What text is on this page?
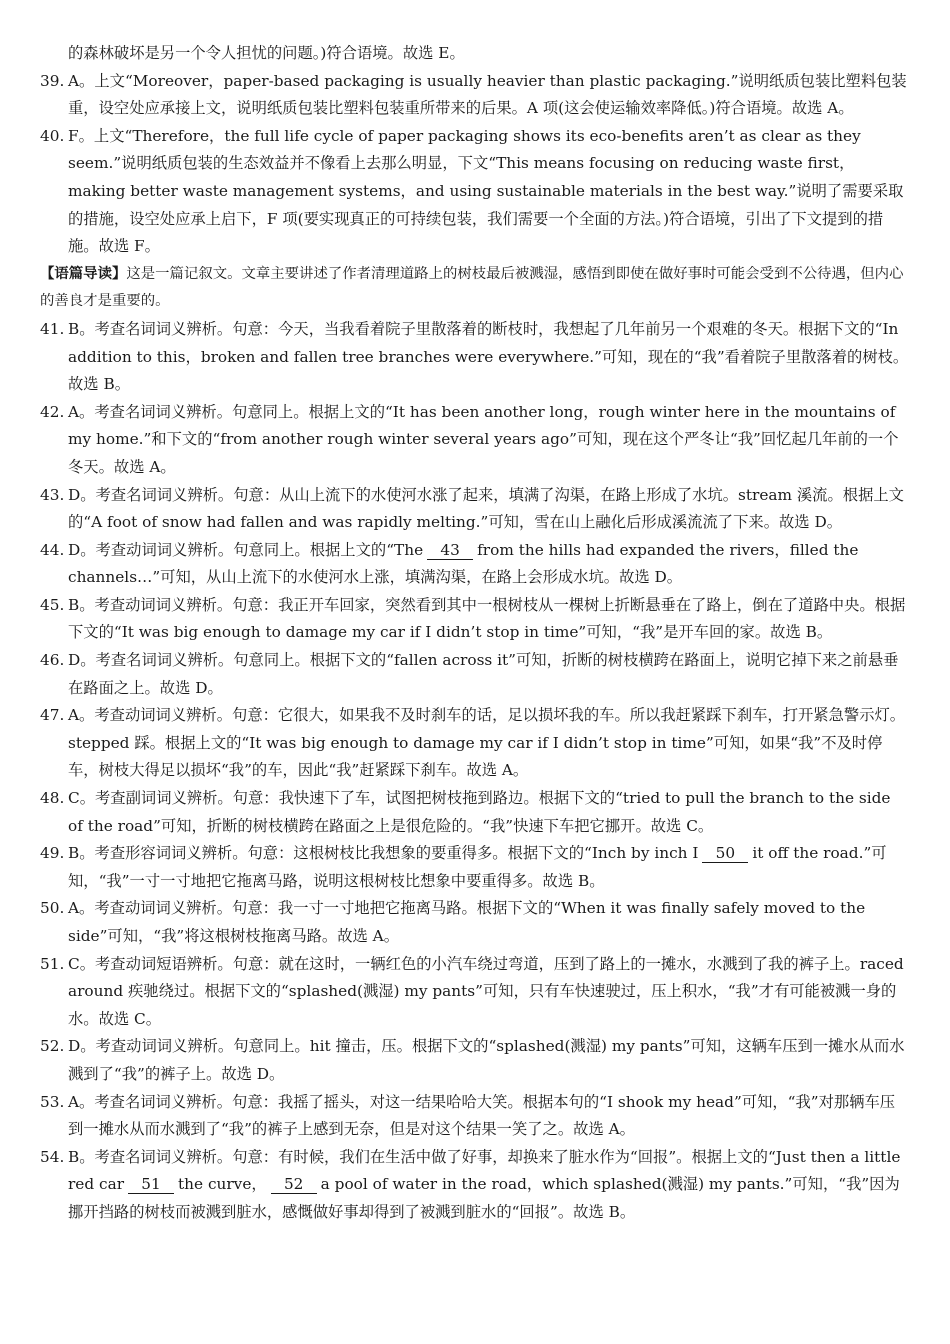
的森林破坏是另一个令人担忧的问题。)符合语境。故选 E。

39. A。上文“Moreover，paper-based packaging is usually heavier than plastic packaging.”说明纸质包装比塑料包装重，设空处应承接上文，说明纸质包装比塑料包装重所带来的后果。A 项(这会使运输效率降低。)符合语境。故选 A。

40. F。上文“Therefore，the full life cycle of paper packaging shows its eco-benefits aren’t as clear as they seem.”说明纸质包装的生态效益并不像看上去那么明显，下文“This means focusing on reducing waste first，making better waste management systems，and using sustainable materials in the best way.”说明了需要采取的措施，设空处应承上启下，F 项(要实现真正的可持续包装，我们需要一个全面的方法。)符合语境，引出了下文提到的措施。故选 F。

【语篇导读】这是一篇记叙文。文章主要讲述了作者清理道路上的树枝最后被溅湿，感悟到即使在做好事时可能会受到不公待遇，但内心的善良才是重要的。

41. B。考查名词词义辨析。句意：今天，当我看着院子里散落着的断枝时，我想起了几年前另一个艰难的冬天。根据下文的“In addition to this，broken and fallen tree branches were everywhere.”可知，现在的“我”看着院子里散落着的树枝。故选 B。

42. A。考查名词词义辨析。句意同上。根据上文的“It has been another long，rough winter here in the mountains of my home.”和下文的“from another rough winter several years ago”可知，现在这个严冬让“我”回忆起几年前的一个冬天。故选 A。

43. D。考查名词词义辨析。句意：从山上流下的水使河水涨了起来，填满了沟渠，在路上形成了水坑。stream 溪流。根据上文的“A foot of snow had fallen and was rapidly melting.”可知，雪在山上融化后形成溪流流了下来。故选 D。

44. D。考查动词词义辨析。句意同上。根据上文的“The 43 from the hills had expanded the rivers，filled the channels…”可知，从山上流下的水使河水上涨，填满沟渠，在路上会形成水坑。故选 D。

45. B。考查动词词义辨析。句意：我正开车回家，突然看到其中一根树枝从一棵树上折断悬垂在了路上，倒在了道路中央。根据下文的“It was big enough to damage my car if I didn’t stop in time”可知，“我”是开车回的家。故选 B。

46. D。考查名词词义辨析。句意同上。根据下文的“fallen across it”可知，折断的树枝横跨在路面上，说明它掉下来之前悬垂在路面之上。故选 D。

47. A。考查动词词义辨析。句意：它很大，如果我不及时刹车的话，足以损坏我的车。所以我赶紧踩下刹车，打开紧急警示灯。stepped 踩。根据上文的“It was big enough to damage my car if I didn’t stop in time”可知，如果“我”不及时停车，树枝大得足以损坏“我”的车，因此“我”赶紧踩下刹车。故选 A。

48. C。考查副词词义辨析。句意：我快速下了车，试图把树枝拖到路边。根据下文的“tried to pull the branch to the side of the road”可知，折断的树枝横跨在路面之上是很危险的。“我”快速下车把它挪开。故选 C。

49. B。考查形容词词义辨析。句意：这根树枝比我想象的要重得多。根据下文的“Inch by inch I 50 it off the road.”可知，“我”一寸一寸地把它拖离马路，说明这根树枝比想象中要重得多。故选 B。

50. A。考查动词词义辨析。句意：我一寸一寸地把它拖离马路。根据下文的“When it was finally safely moved to the side”可知，“我”将这根树枝拖离马路。故选 A。

51. C。考查动词短语辨析。句意：就在这时，一辆红色的小汽车绕过弯道，压到了路上的一摊水，水溅到了我的裤子上。raced around 疾驰绕过。根据下文的“splashed(溅湿) my pants”可知，只有车快速驶过，压上积水，“我”才有可能被溅一身的水。故选 C。

52. D。考查动词词义辨析。句意同上。hit 撞击，压。根据下文的“splashed(溅湿) my pants”可知，这辆车压到一摊水从而水溅到了“我”的裤子上。故选 D。

53. A。考查名词词义辨析。句意：我摇了摇头，对这一结果哈哈大笑。根据本句的“I shook my head”可知，“我”对那辆车压到一摊水从而水溅到了“我”的裤子上感到无奈，但是对这个结果一笑了之。故选 A。

54. B。考查名词词义辨析。句意：有时候，我们在生活中做了好事，却换来了脏水作为“回报”。根据上文的“Just then a little red car 51 the curve， 52 a pool of water in the road，which splashed(溅湿) my pants.”可知，“我”因为挪开挡路的树枝而被溅到脏水，感慨做好事却得到了被溅到脏水的“回报”。故选 B。
